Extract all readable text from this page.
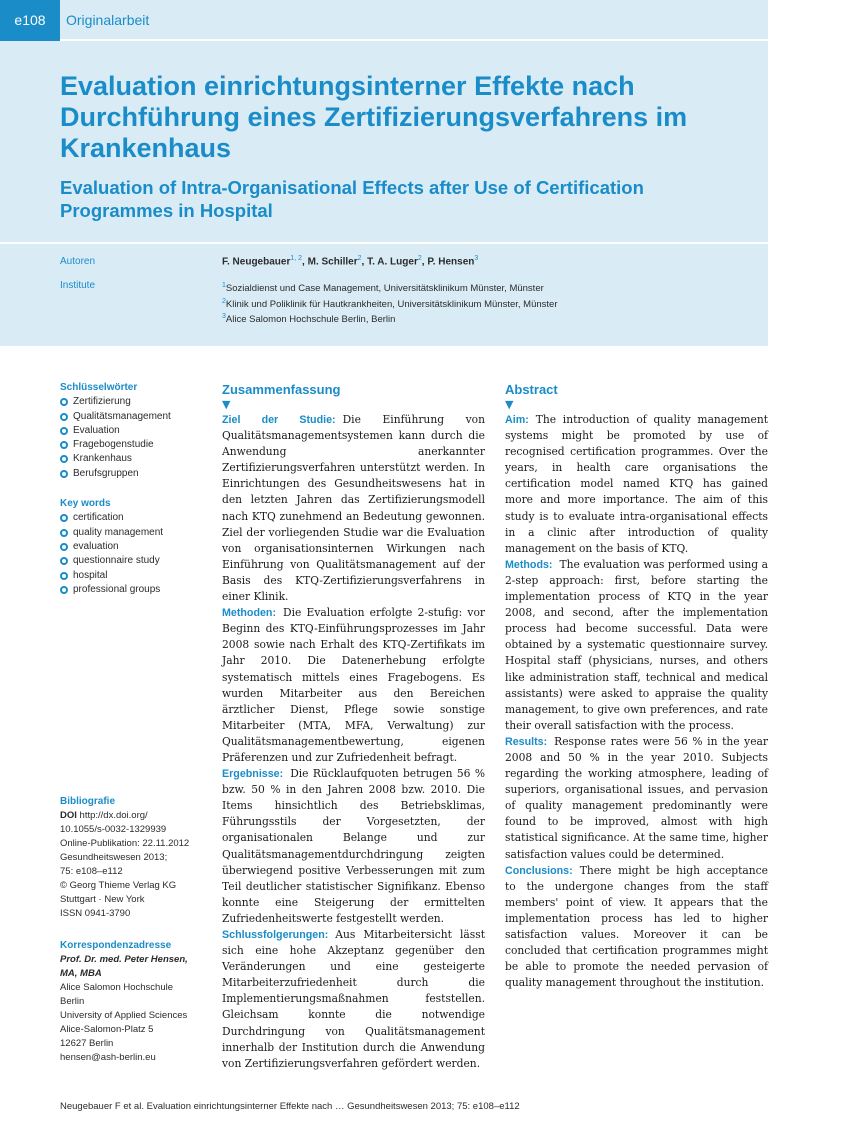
e108	Originalarbeit
Evaluation einrichtungsinterner Effekte nach Durchführung eines Zertifizierungsverfahrens im Krankenhaus
Evaluation of Intra-Organisational Effects after Use of Certification Programmes in Hospital
Autoren	F. Neugebauer$^{1, 2}$, M. Schiller$^2$, T. A. Luger$^2$, P. Hensen$^3$
Institute	$^1$Sozialdienst und Case Management, Universitätsklinikum Münster, Münster
$^2$Klinik und Poliklinik für Hautkrankheiten, Universitätsklinikum Münster, Münster
$^3$Alice Salomon Hochschule Berlin, Berlin
Schlüsselwörter
Zertifizierung
Qualitätsmanagement
Evaluation
Fragebogenstudie
Krankenhaus
Berufsgruppen
Key words
certification
quality management
evaluation
questionnaire study
hospital
professional groups
Bibliografie
DOI http://dx.doi.org/
10.1055/s-0032-1329939
Online-Publikation: 22.11.2012
Gesundheitswesen 2013;
75: e108–e112
© Georg Thieme Verlag KG
Stuttgart · New York
ISSN 0941-3790
Korrespondenzadresse
Prof. Dr. med. Peter Hensen,
MA, MBA
Alice Salomon Hochschule
Berlin
University of Applied Sciences
Alice-Salomon-Platz 5
12627 Berlin
hensen@ash-berlin.eu
Zusammenfassung
▼

Ziel der Studie: Die Einführung von Qualitätsmanagementsystemen kann durch die Anwendung anerkannter Zertifizierungsverfahren unterstützt werden. In Einrichtungen des Gesundheitswesens hat in den letzten Jahren das Zertifizierungsmodell nach KTQ zunehmend an Bedeutung gewonnen. Ziel der vorliegenden Studie war die Evaluation von organisationsinternen Wirkungen nach Einführung von Qualitätsmanagement auf der Basis des KTQ-Zertifizierungsverfahrens in einer Klinik.

Methoden: Die Evaluation erfolgte 2-stufig: vor Beginn des KTQ-Einführungsprozesses im Jahr 2008 sowie nach Erhalt des KTQ-Zertifikats im Jahr 2010. Die Datenerhebung erfolgte systematisch mittels eines Fragebogens. Es wurden Mitarbeiter aus den Bereichen ärztlicher Dienst, Pflege sowie sonstige Mitarbeiter (MTA, MFA, Verwaltung) zur Qualitätsmanagementbewertung, eigenen Präferenzen und zur Zufriedenheit befragt.

Ergebnisse: Die Rücklaufquoten betrugen 56 % bzw. 50 % in den Jahren 2008 bzw. 2010. Die Items hinsichtlich des Betriebsklimas, Führungsstils der Vorgesetzten, der organisationalen Belange und zur Qualitätsmanagementdurchdringung zeigten überwiegend positive Verbesserungen mit zum Teil deutlicher statistischer Signifikanz. Ebenso konnte eine Steigerung der ermittelten Zufriedenheitswerte festgestellt werden.

Schlussfolgerungen: Aus Mitarbeitersicht lässt sich eine hohe Akzeptanz gegenüber den Veränderungen und eine gesteigerte Mitarbeiterzufriedenheit durch die Implementierungsmaßnahmen feststellen. Gleichsam konnte die notwendige Durchdringung von Qualitätsmanagement innerhalb der Institution durch die Anwendung von Zertifizierungsverfahren gefördert werden.

Abstract
▼

Aim: The introduction of quality management systems might be promoted by use of recognised certification programmes. Over the years, in health care organisations the certification model named KTQ has gained more and more importance. The aim of this study is to evaluate intra-organisational effects in a clinic after introduction of quality management on the basis of KTQ.

Methods: The evaluation was performed using a 2-step approach: first, before starting the implementation process of KTQ in the year 2008, and second, after the implementation process had become successful. Data were obtained by a systematic questionnaire survey. Hospital staff (physicians, nurses, and others like administration staff, technical and medical assistants) were asked to appraise the quality management, to give own preferences, and rate their overall satisfaction with the process.

Results: Response rates were 56 % in the year 2008 and 50 % in the year 2010. Subjects regarding the working atmosphere, leading of superiors, organisational issues, and pervasion of quality management predominantly were found to be improved, almost with high statistical significance. At the same time, higher satisfaction values could be determined.

Conclusions: There might be high acceptance to the undergone changes from the staff members' point of view. It appears that the implementation process has led to higher satisfaction values. Moreover it can be concluded that certification programmes might be able to promote the needed pervasion of quality management throughout the institution.

Neugebauer F et al. Evaluation einrichtungsinterner Effekte nach … Gesundheitswesen 2013; 75: e108–e112
